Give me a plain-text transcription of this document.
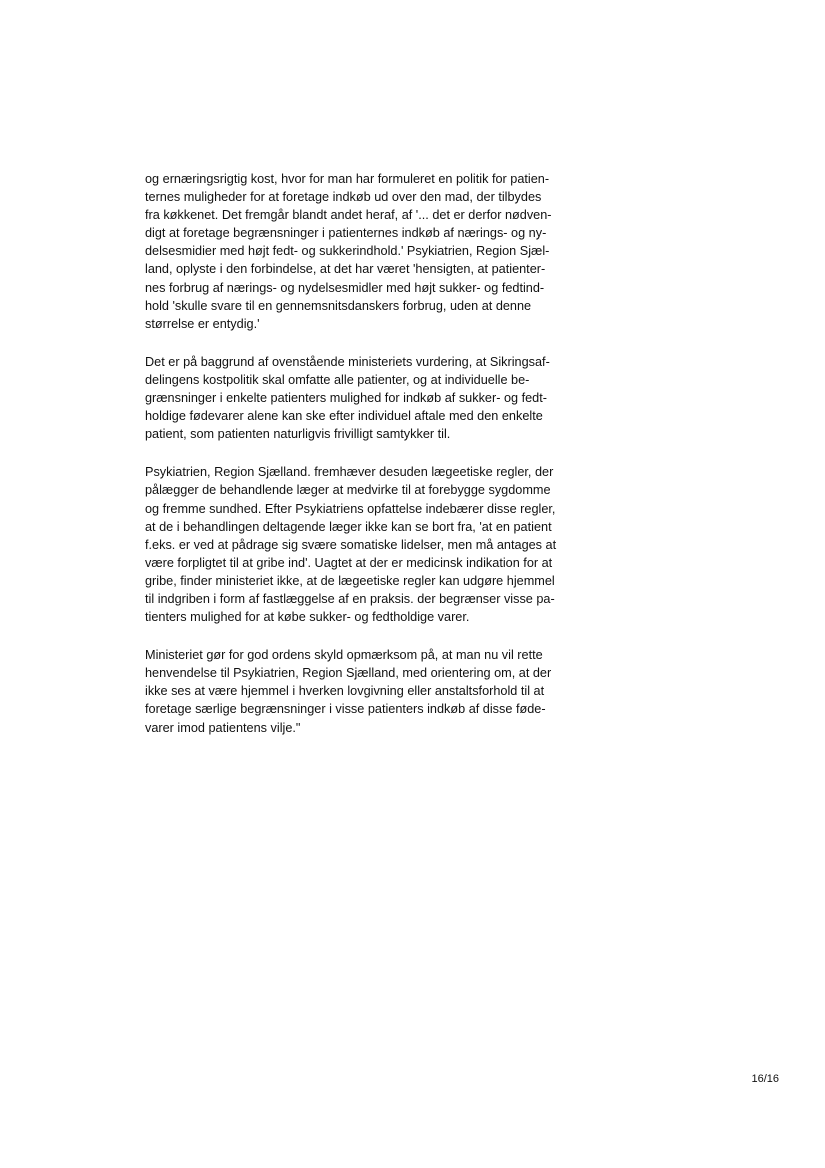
og ernæringsrigtig kost, hvor for man har formuleret en politik for patien-
ternes muligheder for at foretage indkøb ud over den mad, der tilbydes
fra køkkenet. Det fremgår blandt andet heraf, af '... det er derfor nødven-
digt at foretage begrænsninger i patienternes indkøb af nærings- og ny-
delsesmidier med højt fedt- og sukkerindhold.' Psykiatrien, Region Sjæl-
land, oplyste i den forbindelse, at det har været 'hensigten, at patienter-
nes forbrug af nærings- og nydelsesmidler med højt sukker- og fedtind-
hold 'skulle svare til en gennemsnitsdanskers forbrug, uden at denne
størrelse er entydig.'

Det er på baggrund af ovenstående ministeriets vurdering, at Sikringsaf-
delingens kostpolitik skal omfatte alle patienter, og at individuelle be-
grænsninger i enkelte patienters mulighed for indkøb af sukker- og fedt-
holdige fødevarer alene kan ske efter individuel aftale med den enkelte
patient, som patienten naturligvis frivilligt samtykker til.

Psykiatrien, Region Sjælland. fremhæver desuden lægeetiske regler, der
pålægger de behandlende læger at medvirke til at forebygge sygdomme
og fremme sundhed. Efter Psykiatriens opfattelse indebærer disse regler,
at de i behandlingen deltagende læger ikke kan se bort fra, 'at en patient
f.eks. er ved at pådrage sig svære somatiske lidelser, men må antages at
være forpligtet til at gribe ind'. Uagtet at der er medicinsk indikation for at
gribe, finder ministeriet ikke, at de lægeetiske regler kan udgøre hjemmel
til indgriben i form af fastlæggelse af en praksis. der begrænser visse pa-
tienters mulighed for at købe sukker- og fedtholdige varer.

Ministeriet gør for god ordens skyld opmærksom på, at man nu vil rette
henvendelse til Psykiatrien, Region Sjælland, med orientering om, at der
ikke ses at være hjemmel i hverken lovgivning eller anstaltsforhold til at
foretage særlige begrænsninger i visse patienters indkøb af disse føde-
varer imod patientens vilje."

16/16
